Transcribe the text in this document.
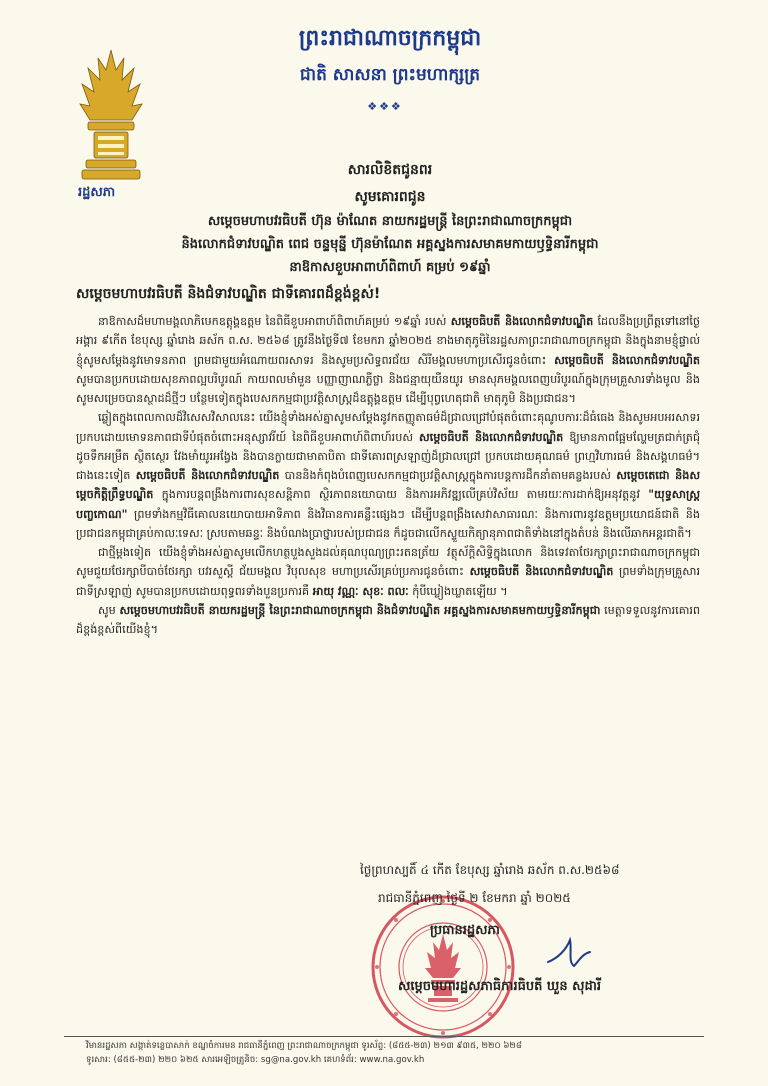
ព្រះរាជាណាចក្រកម្ពុជា
ជាតិ សាសនា ព្រះមហាក្សត្រ
❖❖❖
រដ្ឋសភា
សារលិខិតជូនពរ
សូមគោរពជូន
សម្ដេចមហាបវរធិបតី ហ៊ុន ម៉ាណែត នាយករដ្ឋមន្ត្រី នៃព្រះរាជាណាចក្រកម្ពុជា
និងលោកជំទាវបណ្ឌិត ពេជ ចន្ទមុន្នី ហ៊ុនម៉ាណែត អគ្គស្នងការសមាគមកាយឫទ្ធិនារីកម្ពុជា
នាឱកាសខួបអាពាហ៍ពិពាហ៍ គម្រប់ ១៩ឆ្នាំ
សម្តេចមហាបវរធិបតី និងជំទាវបណ្ឌិត ជាទីគោរពដ៏ខ្ពង់ខ្ពស់!

នាឱកាសដ៏មហាមង្គលាភិឞេកឧត្តុង្គឧត្តម នៃពិធីខួបអាពាហ៍ពិពាហ៍គម្រប់ ១៩ឆ្នាំ របស់ សម្តេចធិបតី និងលោកជំទាវបណ្ឌិត ដែលនឹងប្រព្រឹត្តទៅនៅថ្ងៃអង្គារ ៩កើត ខែបុស្ស ឆ្នាំរោង ឆស័ក ព.ស. ២៥៦៨ ត្រូវនឹងថ្ងៃទី៧ ខែមករា ឆ្នាំ២០២៥ ខាងមាតុភូមិនៃរដ្ឋសភាព្រះរាជាណាចក្រកម្ពុជា និងក្នុងនាមខ្ញុំផ្ទាល់ ខ្ញុំសូមសម្ដែងនូវមោទនភាព ព្រមជាមួយអំណោយពរសាទរ និងសូមប្រសិទ្ធពរជ័យ សិរីមង្គលមហាប្រសើរជូនចំពោះ សម្តេចធិបតី និងលោកជំទាវបណ្ឌិត សូមបានប្រកបដោយសុខភាពល្អបរិបូរណ៍ កាយពលមាំមួន បញ្ញាញាណភ្លឺថ្លា និងជន្មាយុយឺនយូរ មានសុភមង្គលពេញបរិបូរណ៍ក្នុងក្រុមគ្រួសារទាំងមូល និងសូមសម្រេចបានស្ថាដដ៏ថ្មីៗ បន្ថែមទៀតក្នុងបេសកកម្មជាប្រវត្តិសាស្ត្រដ៏ឧត្តុង្គឧត្តម ដើម្បីបុព្វហេតុជាតិ មាតុភូមិ និងប្រជាជន។

ឆ្លៀតក្នុងពេលកាលដ៏វិសេសវិសាលនេះ យើងខ្ញុំទាំងអស់គ្នាសូមសម្ដែងនូវកតញ្ញូតាធម៌ដ៏ជ្រាលជ្រៅបំផុតចំពោះគុណូបការៈដ៏ធំធេង និងសូមអបអរសាទរប្រកបដោយមោទនភាពជាទីបំផុតចំពោះអនុស្សាវរីយ៍ នៃពិធីខួបអាពាហ៍ពិពាហ៍របស់ សម្តេចធិបតី និងលោកជំទាវបណ្ឌិត ឱ្យមានភាពផ្អែមល្ហែមត្រជាក់ត្រជុំដូចទឹកអម្រឹត ស្ថិតស្ថេរ វែងមាំយូរអង្វែង និងបានក្លាយជាមាតាបិតា ជាទីគោរពស្រឡាញ់ដ៏ជ្រាលជ្រៅ ប្រកបដោយគុណធម៌ ព្រហ្មវិហារធម៌ និងសង្គហធម៌។ ជាងនេះទៀត សម្តេចធិបតី និងលោកជំទាវបណ្ឌិត បាននិងកំពុងបំពេញបេសកកម្មជាប្រវត្តិសាស្ត្រក្នុងការបន្តការដឹកនាំតាមគន្លងរបស់ សម្តេចតេជោ និងសម្តេចកិត្តិព្រឹទ្ធបណ្ឌិត ក្នុងការបន្តពង្រឹងការពារសុខសន្តិភាព ស្ថិរភាពនយោបាយ និងការអភិវឌ្ឍលើគ្រប់វិស័យ តាមរយៈការដាក់ឱ្យអនុវត្តនូវ "យុទ្ធសាស្ត្របញ្ចកោណ" ព្រមទាំងកម្មវិធីគោលនយោបាយអាទិភាព និងវិធានការគន្លឹះផ្សេងៗ ដើម្បីបន្តពង្រឹងសេវាសាធារណៈ និងការពារនូវឧត្តមប្រយោជន៍ជាតិ និងប្រជាជនកម្ពុជាគ្រប់កាលៈទេសៈ ស្របតាមឆន្ទៈ និងបំណងប្រាថ្នារបស់ប្រជាជន ក៏ដូចជាលើកស្ទួយកិត្យានុភាពជាតិទាំងនៅក្នុងតំបន់ និងលើឆាកអន្តរជាតិ។

ជាថ្មីម្ដងទៀត យើងខ្ញុំទាំងអស់គ្នាសូមលើកហត្ថបួងសួងដល់គុណបុណ្យព្រះរតនត្រ័យ វត្ថុស័ក្តិសិទ្ធិក្នុងលោក និងទេវតាថែរក្សាព្រះរាជាណាចក្រកម្ពុជា សូមជួយថែរក្សាបីបាច់ថែរក្សា បវរសួស្តី ជ័យមង្គល វិបុលសុខ មហាប្រសើរគ្រប់ប្រការជូនចំពោះ សម្តេចធិបតី និងលោកជំទាវបណ្ឌិត ព្រមទាំងក្រុមគ្រួសារជាទីស្រឡាញ់ សូមបានប្រកបដោយពុទ្ធពរទាំងបួនប្រការគឺ អាយុ វណ្ណៈ សុខៈ ពលៈ កុំបីឃ្លៀងឃ្លាតឡើយ ។

សូម សម្តេចមហាបវរធិបតី នាយករដ្ឋមន្ត្រី នៃព្រះរាជាណាចក្រកម្ពុជា និងជំទាវបណ្ឌិត អគ្គស្នងការសមាគមកាយឫទ្ធិនារីកម្ពុជា មេត្តាទទួលនូវការគោរពដ៏ខ្ពង់ខ្ពស់ពីយើងខ្ញុំ។

ថ្ងៃព្រហស្បតិ៍ ៤ កើត ខែបុស្ស ឆ្នាំរោង ឆស័ក ព.ស.២៥៦៨
រាជធានីភ្នំពេញ ថ្ងៃទី ២ ខែមករា ឆ្នាំ ២០២៥
ប្រធានរដ្ឋសភា
សម្តេចមហារដ្ឋសភាធិការធិបតី ឃួន សុដារី
វិមានរដ្ឋសភា សង្កាត់ទន្លេបាសាក់ ខណ្ឌចំការមន រាជធានីភ្នំពេញ ព្រះរាជាណាចក្រកម្ពុជា ទូរស័ព្ទ: (៨៥៥-២៣) ២១៣ ៩៣៥, ២២០ ៦២៨
ទូរសារ: (៨៥៥-២៣) ២២០ ៦២៥ សារអេឡិចត្រូនិច: sg@na.gov.kh គេហទំព័រ: www.na.gov.kh
